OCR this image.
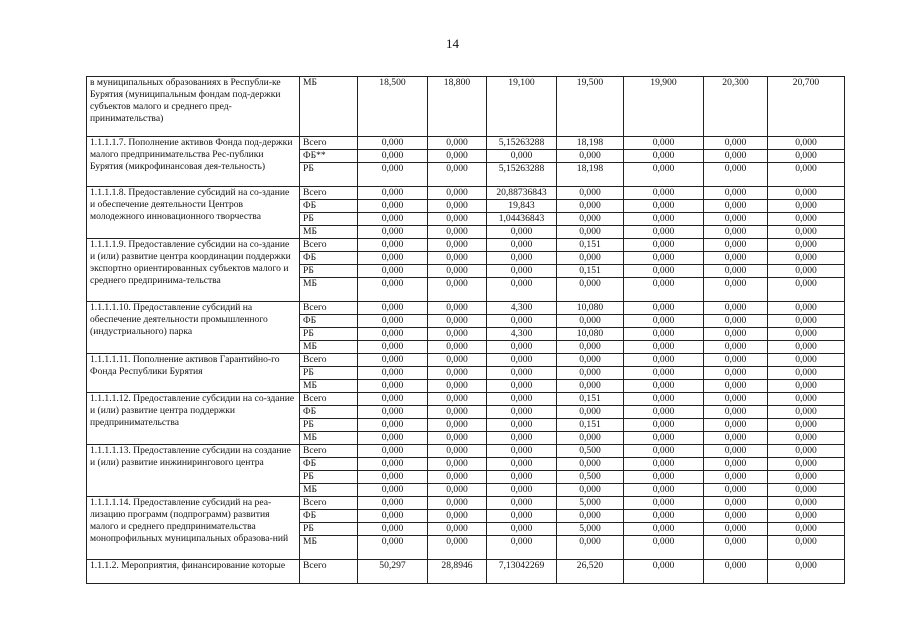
14
в муниципальных образованиях в Республи-ке Бурятия (муниципальным фондам под-держки субъектов малого и среднего пред-принимательства)	МБ	18,500	18,800	19,100	19,500	19,900	20,300	20,700
1.1.1.1.7. Пополнение активов Фонда под-держки малого предпринимательства Рес-публики Бурятия (микрофинансовая дея-тельность)	Всего	0,000	0,000	5,15263288	18,198	0,000	0,000	0,000
	ФБ**	0,000	0,000	0,000	0,000	0,000	0,000	0,000
	РБ	0,000	0,000	5,15263288	18,198	0,000	0,000	0,000
1.1.1.1.8. Предоставление субсидий на со-здание и обеспечение деятельности Центров молодежного инновационного творчества	Всего	0,000	0,000	20,88736843	0,000	0,000	0,000	0,000
	ФБ	0,000	0,000	19,843	0,000	0,000	0,000	0,000
	РБ	0,000	0,000	1,04436843	0,000	0,000	0,000	0,000
	МБ	0,000	0,000	0,000	0,000	0,000	0,000	0,000
1.1.1.1.9. Предоставление субсидии на со-здание и (или) развитие центра координации поддержки экспортно ориентированных субъектов малого и среднего предпринима-тельства	Всего	0,000	0,000	0,000	0,151	0,000	0,000	0,000
	ФБ	0,000	0,000	0,000	0,000	0,000	0,000	0,000
	РБ	0,000	0,000	0,000	0,151	0,000	0,000	0,000
	МБ	0,000	0,000	0,000	0,000	0,000	0,000	0,000
1.1.1.1.10. Предоставление субсидий на обеспечение деятельности промышленного (индустриального) парка	Всего	0,000	0,000	4,300	10,080	0,000	0,000	0,000
	ФБ	0,000	0,000	0,000	0,000	0,000	0,000	0,000
	РБ	0,000	0,000	4,300	10,080	0,000	0,000	0,000
	МБ	0,000	0,000	0,000	0,000	0,000	0,000	0,000
1.1.1.1.11. Пополнение активов Гарантийно-го Фонда Республики Бурятия	Всего	0,000	0,000	0,000	0,000	0,000	0,000	0,000
	РБ	0,000	0,000	0,000	0,000	0,000	0,000	0,000
	МБ	0,000	0,000	0,000	0,000	0,000	0,000	0,000
1.1.1.1.12. Предоставление субсидии на со-здание и (или) развитие центра поддержки предпринимательства	Всего	0,000	0,000	0,000	0,151	0,000	0,000	0,000
	ФБ	0,000	0,000	0,000	0,000	0,000	0,000	0,000
	РБ	0,000	0,000	0,000	0,151	0,000	0,000	0,000
	МБ	0,000	0,000	0,000	0,000	0,000	0,000	0,000
1.1.1.1.13. Предоставление субсидии на создание и (или) развитие инжинирингового центра	Всего	0,000	0,000	0,000	0,500	0,000	0,000	0,000
	ФБ	0,000	0,000	0,000	0,000	0,000	0,000	0,000
	РБ	0,000	0,000	0,000	0,500	0,000	0,000	0,000
	МБ	0,000	0,000	0,000	0,000	0,000	0,000	0,000
1.1.1.1.14. Предоставление субсидий на реа-лизацию программ (подпрограмм) развития малого и среднего предпринимательства монопрофильных муниципальных образова-ний	Всего	0,000	0,000	0,000	5,000	0,000	0,000	0,000
	ФБ	0,000	0,000	0,000	0,000	0,000	0,000	0,000
	РБ	0,000	0,000	0,000	5,000	0,000	0,000	0,000
	МБ	0,000	0,000	0,000	0,000	0,000	0,000	0,000
1.1.1.2. Мероприятия, финансирование которые	Всего	50,297	28,8946	7,13042269	26,520	0,000	0,000	0,000
